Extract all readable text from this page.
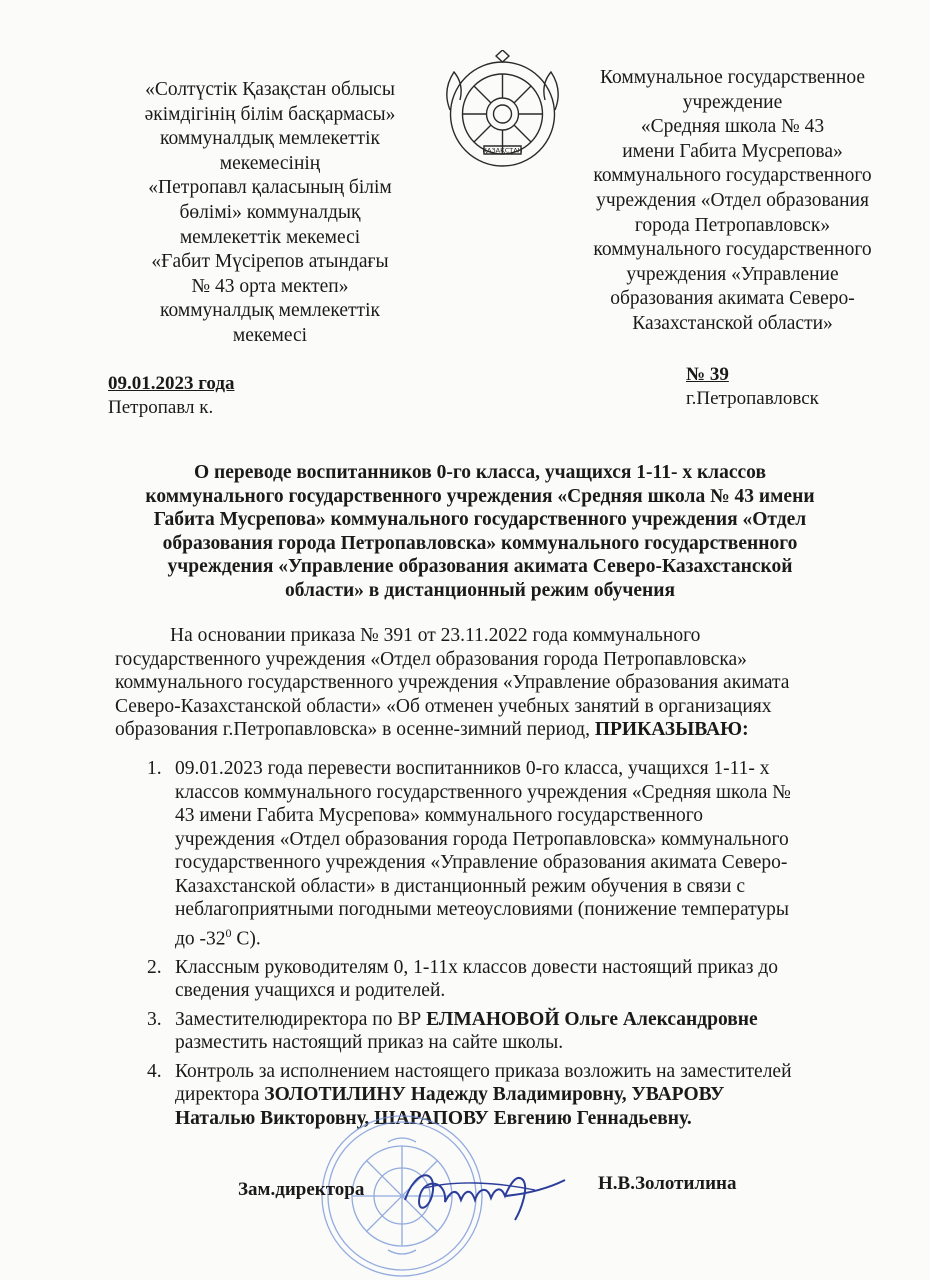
«Солтүстік Қазақстан облысы
әкімдігінің білім басқармасы»
коммуналдық мемлекеттік
мекемесінің
«Петропавл қаласының білім
бөлімі» коммуналдық
мемлекеттік мекемесі
«Ғабит Мүсірепов атындағы
№ 43 орта мектеп»
коммуналдық мемлекеттік
мекемесі
ҚАЗАҚСТАН
Коммунальное государственное
учреждение
«Средняя школа № 43
имени Габита Мусрепова»
коммунального государственного
учреждения «Отдел образования
города Петропавловск»
коммунального государственного
учреждения «Управление
образования акимата Северо-
Казахстанской области»
09.01.2023 года
Петропавл к.
№ 39
г.Петропавловск
О переводе воспитанников 0-го класса, учащихся 1-11- х классов
коммунального государственного учреждения «Средняя школа № 43 имени
Габита Мусрепова» коммунального государственного учреждения «Отдел
образования города Петропавловска» коммунального государственного
учреждения «Управление образования акимата Северо-Казахстанской
области» в дистанционный режим обучения
На основании приказа № 391 от 23.11.2022 года коммунального
государственного учреждения «Отдел образования города Петропавловска»
коммунального государственного учреждения «Управление образования акимата
Северо-Казахстанской области» «Об отменен учебных занятий в организациях
образования г.Петропавловска» в осенне-зимний период, ПРИКАЗЫВАЮ:
1. 09.01.2023 года перевести воспитанников 0-го класса, учащихся 1-11- х
классов коммунального государственного учреждения «Средняя школа №
43 имени Габита Мусрепова» коммунального государственного
учреждения «Отдел образования города Петропавловска» коммунального
государственного учреждения «Управление образования акимата Северо-
Казахстанской области» в дистанционный режим обучения в связи с
неблагоприятными погодными метеоусловиями (понижение температуры
до $-32^0$ С).
2. Классным руководителям 0, 1-11х классов довести настоящий приказ до
сведения учащихся и родителей.
3. Заместителюдиректора по ВР ЕЛМАНОВОЙ Ольге Александровне
разместить настоящий приказ на сайте школы.
4. Контроль за исполнением настоящего приказа возложить на заместителей
директора ЗОЛОТИЛИНУ Надежду Владимировну, УВАРОВУ
Наталью Викторовну, ШАРАПОВУ Евгению Геннадьевну.
Зам.директора	Н.В.Золотилина
